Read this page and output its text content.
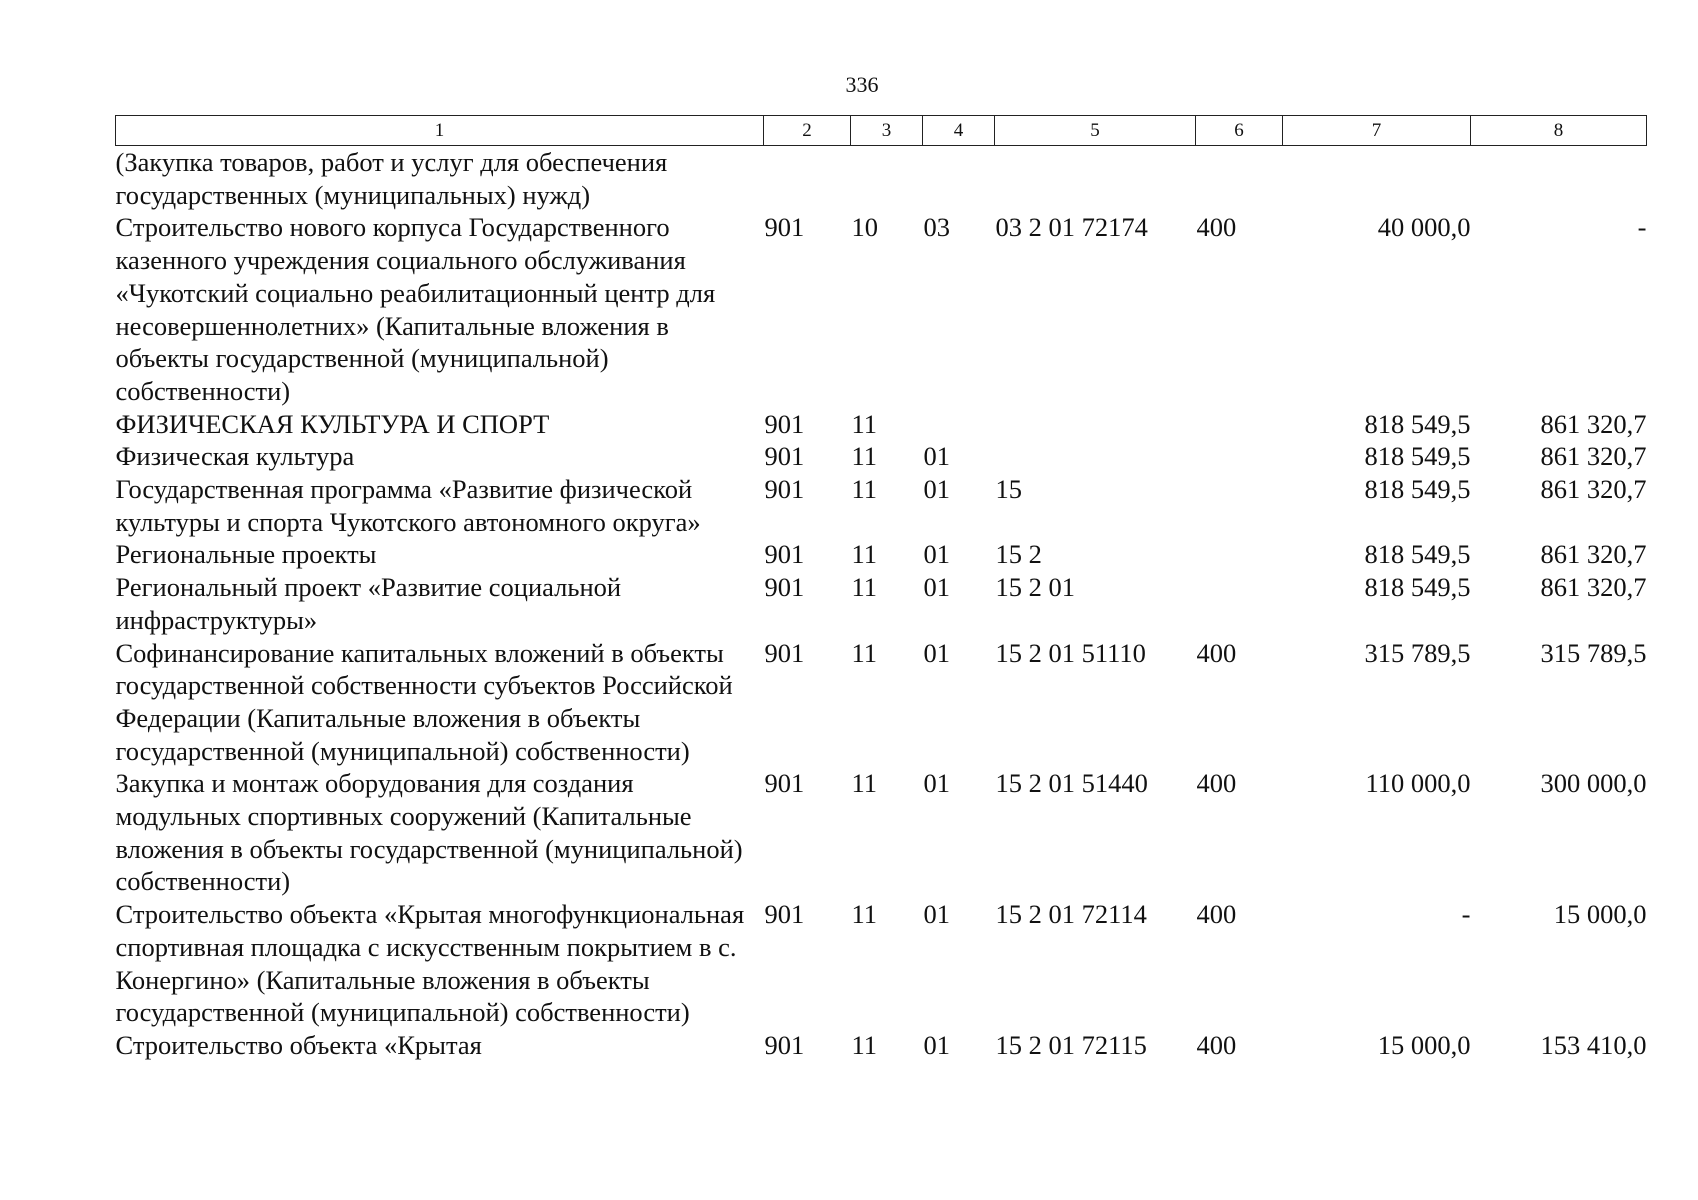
336
1	2	3	4	5	6	7	8
(Закупка товаров, работ и услуг для обеспечения государственных (муниципальных) нужд)							
Строительство нового корпуса Государственного казенного учреждения социального обслуживания «Чукотский социально реабилитационный центр для несовершеннолетних» (Капитальные вложения в объекты государственной (муниципальной) собственности)	901	10	03	03 2 01 72174	400	40 000,0	-
ФИЗИЧЕСКАЯ КУЛЬТУРА И СПОРТ	901	11				818 549,5	861 320,7
Физическая культура	901	11	01			818 549,5	861 320,7
Государственная программа «Развитие физической культуры и спорта Чукотского автономного округа»	901	11	01	15		818 549,5	861 320,7
Региональные проекты	901	11	01	15 2		818 549,5	861 320,7
Региональный проект «Развитие социальной инфраструктуры»	901	11	01	15 2 01		818 549,5	861 320,7
Софинансирование капитальных вложений в объекты государственной собственности субъектов Российской Федерации (Капитальные вложения в объекты государственной (муниципальной) собственности)	901	11	01	15 2 01 51110	400	315 789,5	315 789,5
Закупка и монтаж оборудования для создания модульных спортивных сооружений (Капитальные вложения в объекты государственной (муниципальной) собственности)	901	11	01	15 2 01 51440	400	110 000,0	300 000,0
Строительство объекта «Крытая многофункциональная спортивная площадка с искусственным покрытием в с. Конергино» (Капитальные вложения в объекты государственной (муниципальной) собственности)	901	11	01	15 2 01 72114	400	-	15 000,0
Строительство объекта «Крытая	901	11	01	15 2 01 72115	400	15 000,0	153 410,0
